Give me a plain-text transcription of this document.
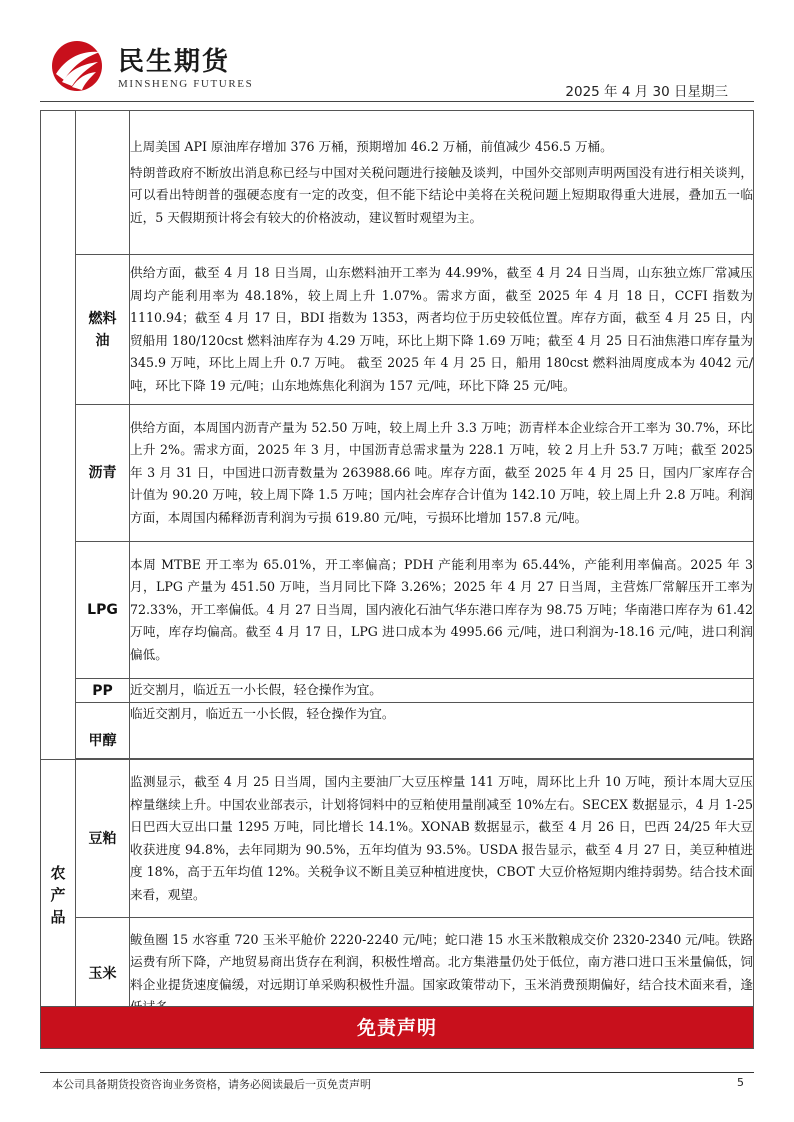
民生期货
MINSHENG FUTURES	2025 年 4 月 30 日星期三

		上周美国 API 原油库存增加 376 万桶，预期增加 46.2 万桶，前值减少 456.5 万桶。

特朗普政府不断放出消息称已经与中国对关税问题进行接触及谈判，中国外交部则声明两国没有进行相关谈判，可以看出特朗普的强硬态度有一定的改变，但不能下结论中美将在关税问题上短期取得重大进展，叠加五一临近，5 天假期预计将会有较大的价格波动，建议暂时观望为主。

	燃料油	供给方面，截至 4 月 18 日当周，山东燃料油开工率为 44.99%，截至 4 月 24 日当周，山东独立炼厂常减压周均产能利用率为 48.18%，较上周上升 1.07%。需求方面，截至 2025 年 4 月 18 日，CCFI 指数为 1110.94；截至 4 月 17 日，BDI 指数为 1353，两者均位于历史较低位置。库存方面，截至 4 月 25 日，内贸船用 180/120cst 燃料油库存为 4.29 万吨，环比上期下降 1.69 万吨；截至 4 月 25 日石油焦港口库存量为 345.9 万吨，环比上周上升 0.7 万吨。 截至 2025 年 4 月 25 日，船用 180cst 燃料油周度成本为 4042 元/吨，环比下降 19 元/吨；山东地炼焦化利润为 157 元/吨，环比下降 25 元/吨。

	沥青	供给方面，本周国内沥青产量为 52.50 万吨，较上周上升 3.3 万吨；沥青样本企业综合开工率为 30.7%，环比上升 2%。需求方面，2025 年 3 月，中国沥青总需求量为 228.1 万吨，较 2 月上升 53.7 万吨；截至 2025 年 3 月 31 日，中国进口沥青数量为 263988.66 吨。库存方面，截至 2025 年 4 月 25 日，国内厂家库存合计值为 90.20 万吨，较上周下降 1.5 万吨；国内社会库存合计值为 142.10 万吨，较上周上升 2.8 万吨。利润方面，本周国内稀释沥青利润为亏损 619.80 元/吨，亏损环比增加 157.8 元/吨。

	LPG	本周 MTBE 开工率为 65.01%，开工率偏高；PDH 产能利用率为 65.44%，产能利用率偏高。2025 年 3 月，LPG 产量为 451.50 万吨，当月同比下降 3.26%；2025 年 4 月 27 日当周，主营炼厂常解压开工率为 72.33%，开工率偏低。4 月 27 日当周，国内液化石油气华东港口库存为 98.75 万吨；华南港口库存为 61.42 万吨，库存均偏高。截至 4 月 17 日，LPG 进口成本为 4995.66 元/吨，进口利润为-18.16 元/吨，进口利润偏低。

	PP	近交割月，临近五一小长假，轻仓操作为宜。

	甲醇	临近交割月，临近五一小长假，轻仓操作为宜。

农产品	豆粕	监测显示，截至 4 月 25 日当周，国内主要油厂大豆压榨量 141 万吨，周环比上升 10 万吨，预计本周大豆压榨量继续上升。中国农业部表示，计划将饲料中的豆粕使用量削减至 10%左右。SECEX 数据显示，4 月 1-25 日巴西大豆出口量 1295 万吨，同比增长 14.1%。XONAB 数据显示，截至 4 月 26 日，巴西 24/25 年大豆收获进度 94.8%，去年同期为 90.5%，五年均值为 93.5%。USDA 报告显示，截至 4 月 27 日，美豆种植进度 18%，高于五年均值 12%。关税争议不断且美豆种植进度快，CBOT 大豆价格短期内维持弱势。结合技术面来看，观望。

	玉米	鲅鱼圈 15 水容重 720 玉米平舱价 2220-2240 元/吨；蛇口港 15 水玉米散粮成交价 2320-2340 元/吨。铁路运费有所下降，产地贸易商出货存在利润，积极性增高。北方集港量仍处于低位，南方港口进口玉米量偏低，饲料企业提货速度偏缓，对远期订单采购积极性升温。国家政策带动下，玉米消费预期偏好，结合技术面来看，逢

免责声明
本公司具备期货投资咨询业务资格，请务必阅读最后一页免责声明	5
